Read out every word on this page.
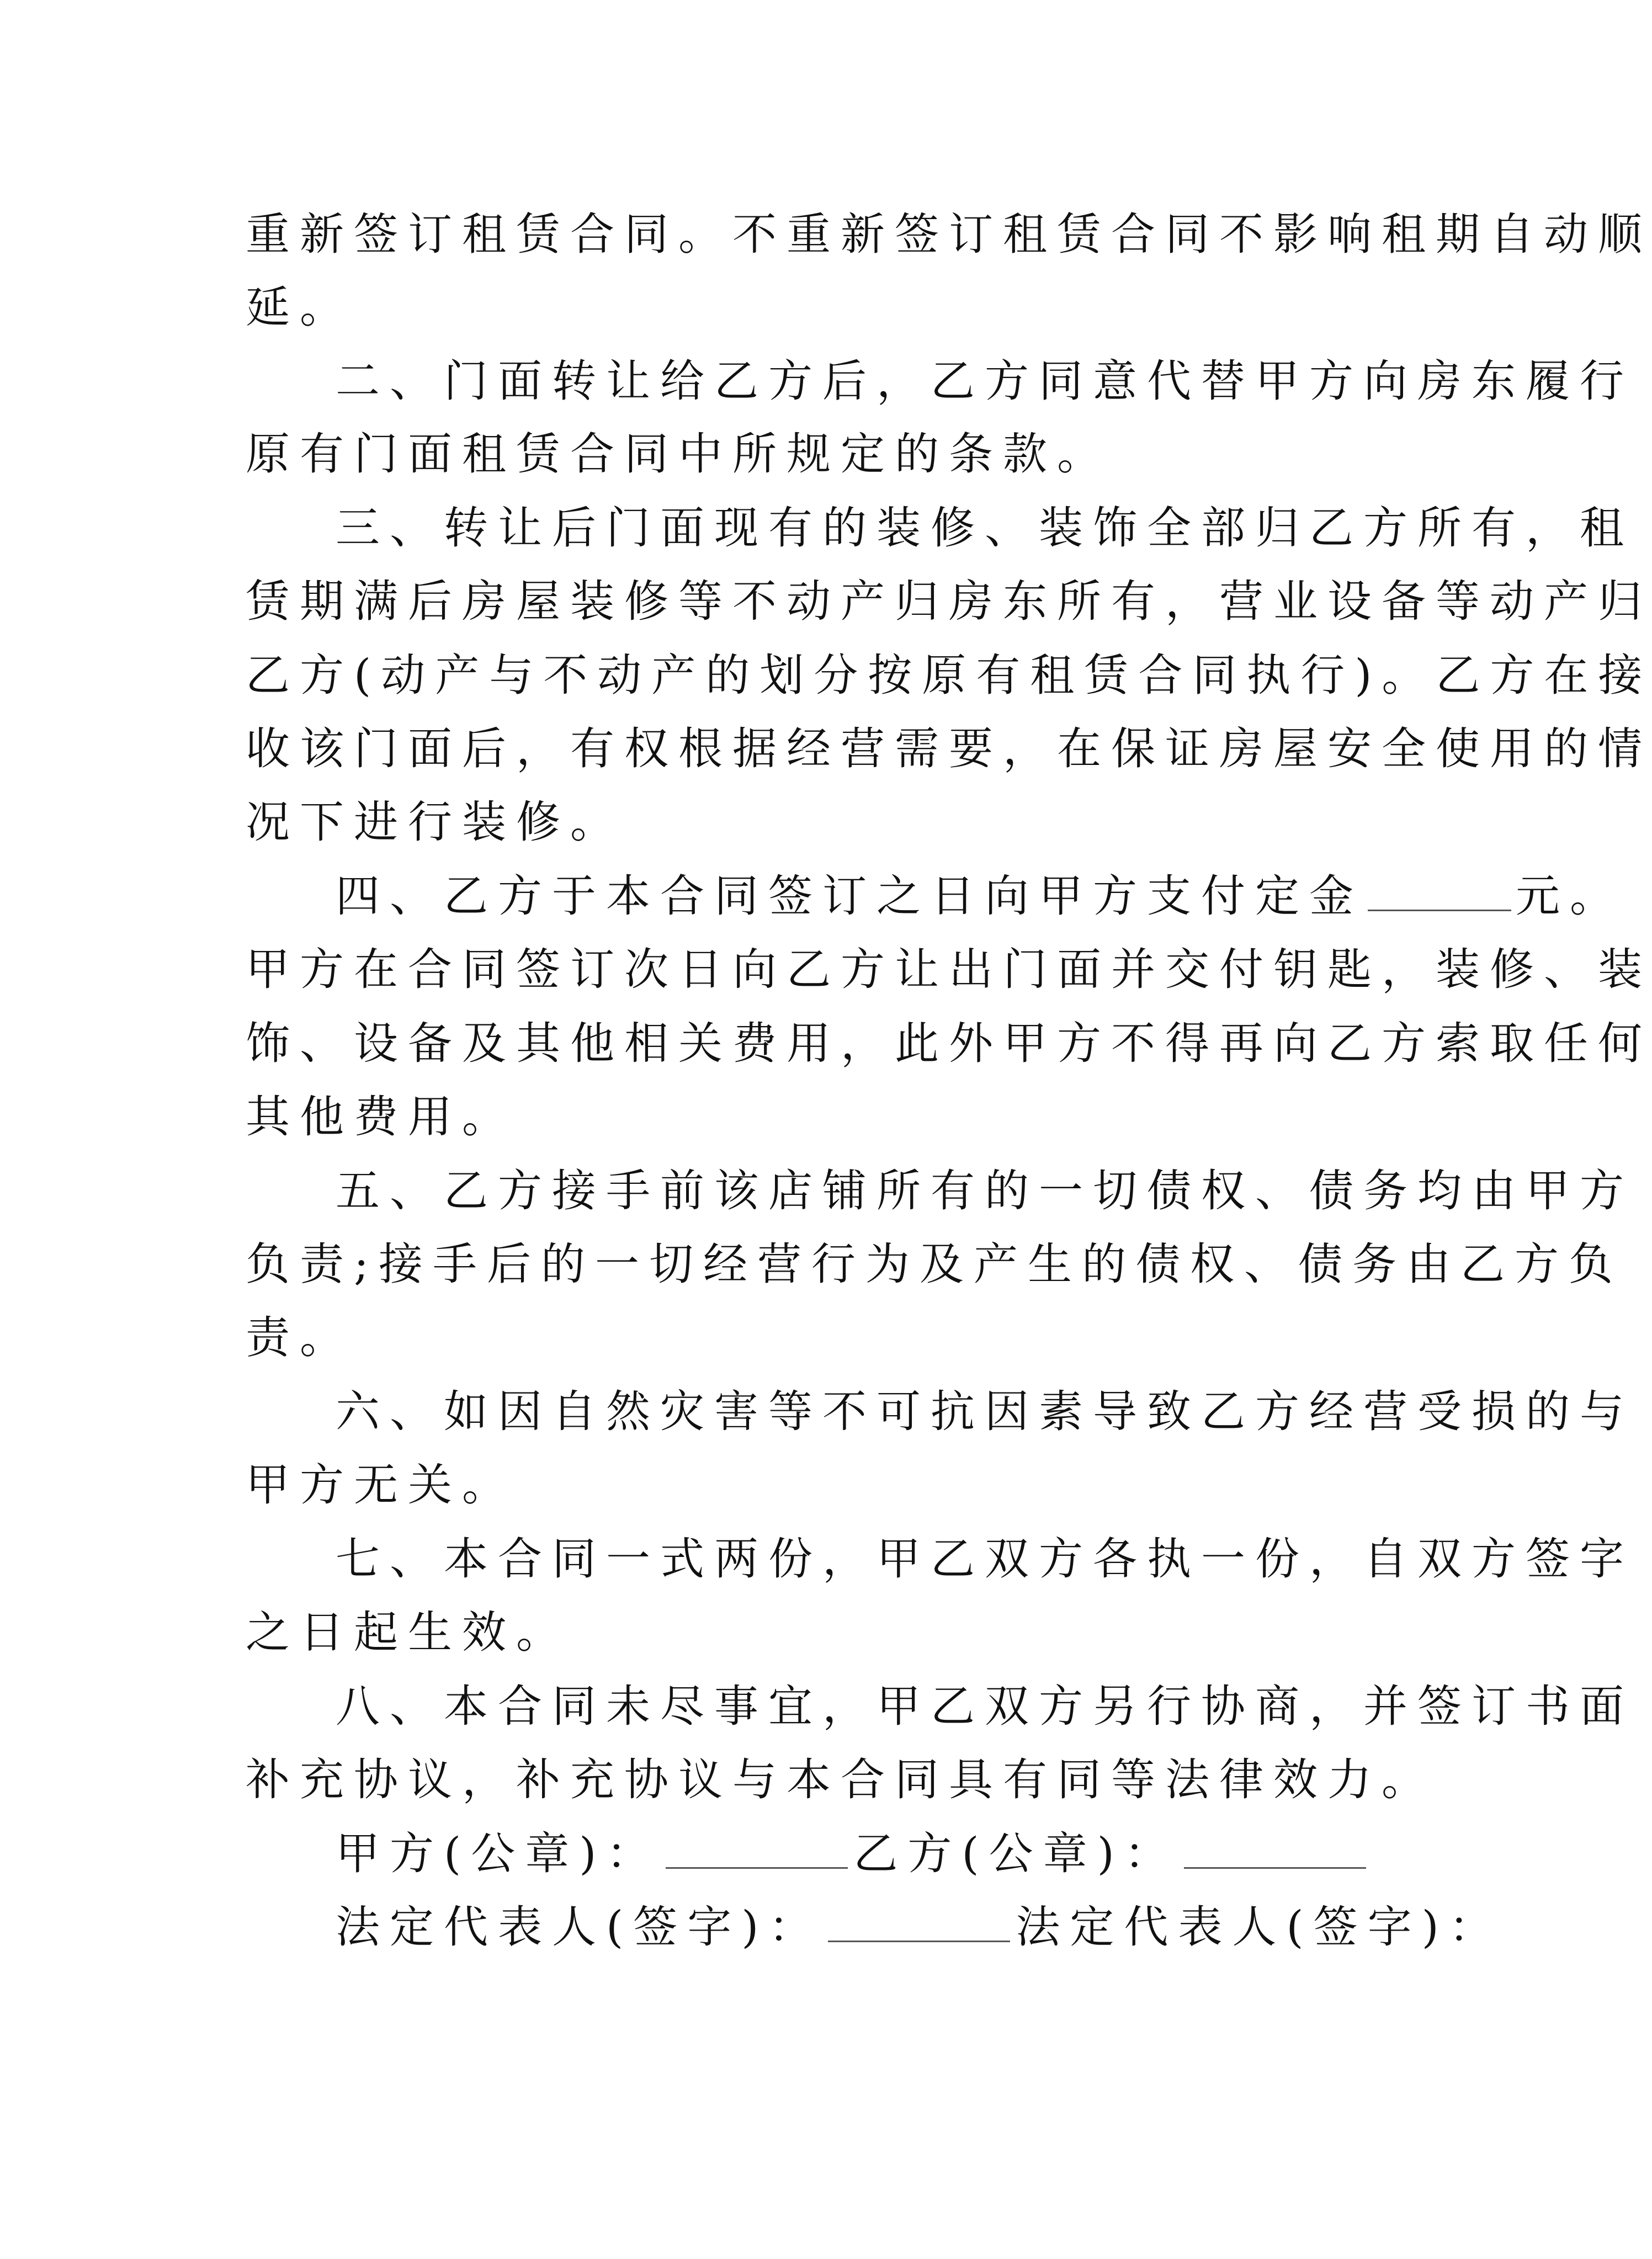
重新签订租赁合同。不重新签订租赁合同不影响租期自动顺
延。
二、门面转让给乙方后，乙方同意代替甲方向房东履行
原有门面租赁合同中所规定的条款。
三、转让后门面现有的装修、装饰全部归乙方所有，租
赁期满后房屋装修等不动产归房东所有，营业设备等动产归
乙方(动产与不动产的划分按原有租赁合同执行)。乙方在接
收该门面后，有权根据经营需要，在保证房屋安全使用的情
况下进行装修。
四、乙方于本合同签订之日向甲方支付定金	元。
甲方在合同签订次日向乙方让出门面并交付钥匙，装修、装
饰、设备及其他相关费用，此外甲方不得再向乙方索取任何
其他费用。
五、乙方接手前该店铺所有的一切债权、债务均由甲方
负责;接手后的一切经营行为及产生的债权、债务由乙方负
责。
六、如因自然灾害等不可抗因素导致乙方经营受损的与
甲方无关。
七、本合同一式两份，甲乙双方各执一份，自双方签字
之日起生效。
八、本合同未尽事宜，甲乙双方另行协商，并签订书面
补充协议，补充协议与本合同具有同等法律效力。
甲方(公章)：	乙方(公章)：
法定代表人(签字)：	法定代表人(签字)：
